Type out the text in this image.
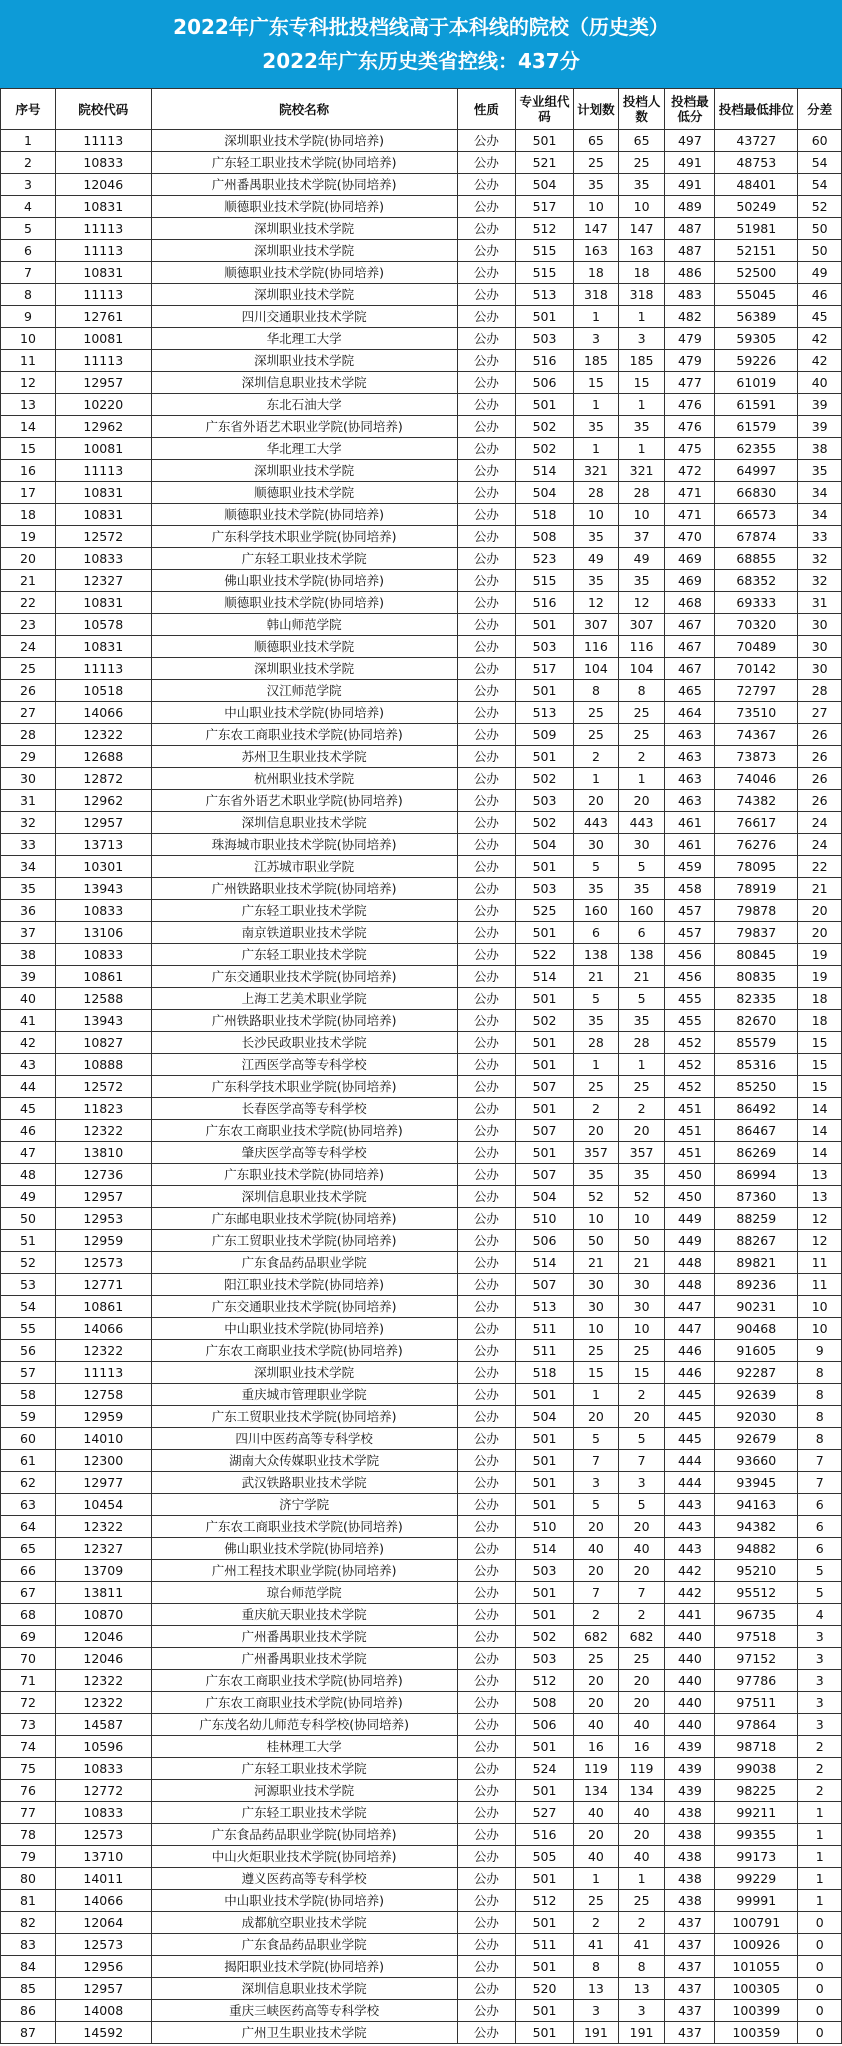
2022年广东专科批投档线高于本科线的院校（历史类）
2022年广东历史类省控线：437分
序号	院校代码	院校名称	性质	专业组代码	计划数	投档人数	投档最低分	投档最低排位	分差
1	11113	深圳职业技术学院(协同培养)	公办	501	65	65	497	43727	60
2	10833	广东轻工职业技术学院(协同培养)	公办	521	25	25	491	48753	54
3	12046	广州番禺职业技术学院(协同培养)	公办	504	35	35	491	48401	54
4	10831	顺德职业技术学院(协同培养)	公办	517	10	10	489	50249	52
5	11113	深圳职业技术学院	公办	512	147	147	487	51981	50
6	11113	深圳职业技术学院	公办	515	163	163	487	52151	50
7	10831	顺德职业技术学院(协同培养)	公办	515	18	18	486	52500	49
8	11113	深圳职业技术学院	公办	513	318	318	483	55045	46
9	12761	四川交通职业技术学院	公办	501	1	1	482	56389	45
10	10081	华北理工大学	公办	503	3	3	479	59305	42
11	11113	深圳职业技术学院	公办	516	185	185	479	59226	42
12	12957	深圳信息职业技术学院	公办	506	15	15	477	61019	40
13	10220	东北石油大学	公办	501	1	1	476	61591	39
14	12962	广东省外语艺术职业学院(协同培养)	公办	502	35	35	476	61579	39
15	10081	华北理工大学	公办	502	1	1	475	62355	38
16	11113	深圳职业技术学院	公办	514	321	321	472	64997	35
17	10831	顺德职业技术学院	公办	504	28	28	471	66830	34
18	10831	顺德职业技术学院(协同培养)	公办	518	10	10	471	66573	34
19	12572	广东科学技术职业学院(协同培养)	公办	508	35	37	470	67874	33
20	10833	广东轻工职业技术学院	公办	523	49	49	469	68855	32
21	12327	佛山职业技术学院(协同培养)	公办	515	35	35	469	68352	32
22	10831	顺德职业技术学院(协同培养)	公办	516	12	12	468	69333	31
23	10578	韩山师范学院	公办	501	307	307	467	70320	30
24	10831	顺德职业技术学院	公办	503	116	116	467	70489	30
25	11113	深圳职业技术学院	公办	517	104	104	467	70142	30
26	10518	汉江师范学院	公办	501	8	8	465	72797	28
27	14066	中山职业技术学院(协同培养)	公办	513	25	25	464	73510	27
28	12322	广东农工商职业技术学院(协同培养)	公办	509	25	25	463	74367	26
29	12688	苏州卫生职业技术学院	公办	501	2	2	463	73873	26
30	12872	杭州职业技术学院	公办	502	1	1	463	74046	26
31	12962	广东省外语艺术职业学院(协同培养)	公办	503	20	20	463	74382	26
32	12957	深圳信息职业技术学院	公办	502	443	443	461	76617	24
33	13713	珠海城市职业技术学院(协同培养)	公办	504	30	30	461	76276	24
34	10301	江苏城市职业学院	公办	501	5	5	459	78095	22
35	13943	广州铁路职业技术学院(协同培养)	公办	503	35	35	458	78919	21
36	10833	广东轻工职业技术学院	公办	525	160	160	457	79878	20
37	13106	南京铁道职业技术学院	公办	501	6	6	457	79837	20
38	10833	广东轻工职业技术学院	公办	522	138	138	456	80845	19
39	10861	广东交通职业技术学院(协同培养)	公办	514	21	21	456	80835	19
40	12588	上海工艺美术职业学院	公办	501	5	5	455	82335	18
41	13943	广州铁路职业技术学院(协同培养)	公办	502	35	35	455	82670	18
42	10827	长沙民政职业技术学院	公办	501	28	28	452	85579	15
43	10888	江西医学高等专科学校	公办	501	1	1	452	85316	15
44	12572	广东科学技术职业学院(协同培养)	公办	507	25	25	452	85250	15
45	11823	长春医学高等专科学校	公办	501	2	2	451	86492	14
46	12322	广东农工商职业技术学院(协同培养)	公办	507	20	20	451	86467	14
47	13810	肇庆医学高等专科学校	公办	501	357	357	451	86269	14
48	12736	广东职业技术学院(协同培养)	公办	507	35	35	450	86994	13
49	12957	深圳信息职业技术学院	公办	504	52	52	450	87360	13
50	12953	广东邮电职业技术学院(协同培养)	公办	510	10	10	449	88259	12
51	12959	广东工贸职业技术学院(协同培养)	公办	506	50	50	449	88267	12
52	12573	广东食品药品职业学院	公办	514	21	21	448	89821	11
53	12771	阳江职业技术学院(协同培养)	公办	507	30	30	448	89236	11
54	10861	广东交通职业技术学院(协同培养)	公办	513	30	30	447	90231	10
55	14066	中山职业技术学院(协同培养)	公办	511	10	10	447	90468	10
56	12322	广东农工商职业技术学院(协同培养)	公办	511	25	25	446	91605	9
57	11113	深圳职业技术学院	公办	518	15	15	446	92287	8
58	12758	重庆城市管理职业学院	公办	501	1	2	445	92639	8
59	12959	广东工贸职业技术学院(协同培养)	公办	504	20	20	445	92030	8
60	14010	四川中医药高等专科学校	公办	501	5	5	445	92679	8
61	12300	湖南大众传媒职业技术学院	公办	501	7	7	444	93660	7
62	12977	武汉铁路职业技术学院	公办	501	3	3	444	93945	7
63	10454	济宁学院	公办	501	5	5	443	94163	6
64	12322	广东农工商职业技术学院(协同培养)	公办	510	20	20	443	94382	6
65	12327	佛山职业技术学院(协同培养)	公办	514	40	40	443	94882	6
66	13709	广州工程技术职业学院(协同培养)	公办	503	20	20	442	95210	5
67	13811	琼台师范学院	公办	501	7	7	442	95512	5
68	10870	重庆航天职业技术学院	公办	501	2	2	441	96735	4
69	12046	广州番禺职业技术学院	公办	502	682	682	440	97518	3
70	12046	广州番禺职业技术学院	公办	503	25	25	440	97152	3
71	12322	广东农工商职业技术学院(协同培养)	公办	512	20	20	440	97786	3
72	12322	广东农工商职业技术学院(协同培养)	公办	508	20	20	440	97511	3
73	14587	广东茂名幼儿师范专科学校(协同培养)	公办	506	40	40	440	97864	3
74	10596	桂林理工大学	公办	501	16	16	439	98718	2
75	10833	广东轻工职业技术学院	公办	524	119	119	439	99038	2
76	12772	河源职业技术学院	公办	501	134	134	439	98225	2
77	10833	广东轻工职业技术学院	公办	527	40	40	438	99211	1
78	12573	广东食品药品职业学院(协同培养)	公办	516	20	20	438	99355	1
79	13710	中山火炬职业技术学院(协同培养)	公办	505	40	40	438	99173	1
80	14011	遵义医药高等专科学校	公办	501	1	1	438	99229	1
81	14066	中山职业技术学院(协同培养)	公办	512	25	25	438	99991	1
82	12064	成都航空职业技术学院	公办	501	2	2	437	100791	0
83	12573	广东食品药品职业学院	公办	511	41	41	437	100926	0
84	12956	揭阳职业技术学院(协同培养)	公办	501	8	8	437	101055	0
85	12957	深圳信息职业技术学院	公办	520	13	13	437	100305	0
86	14008	重庆三峡医药高等专科学校	公办	501	3	3	437	100399	0
87	14592	广州卫生职业技术学院	公办	501	191	191	437	100359	0
